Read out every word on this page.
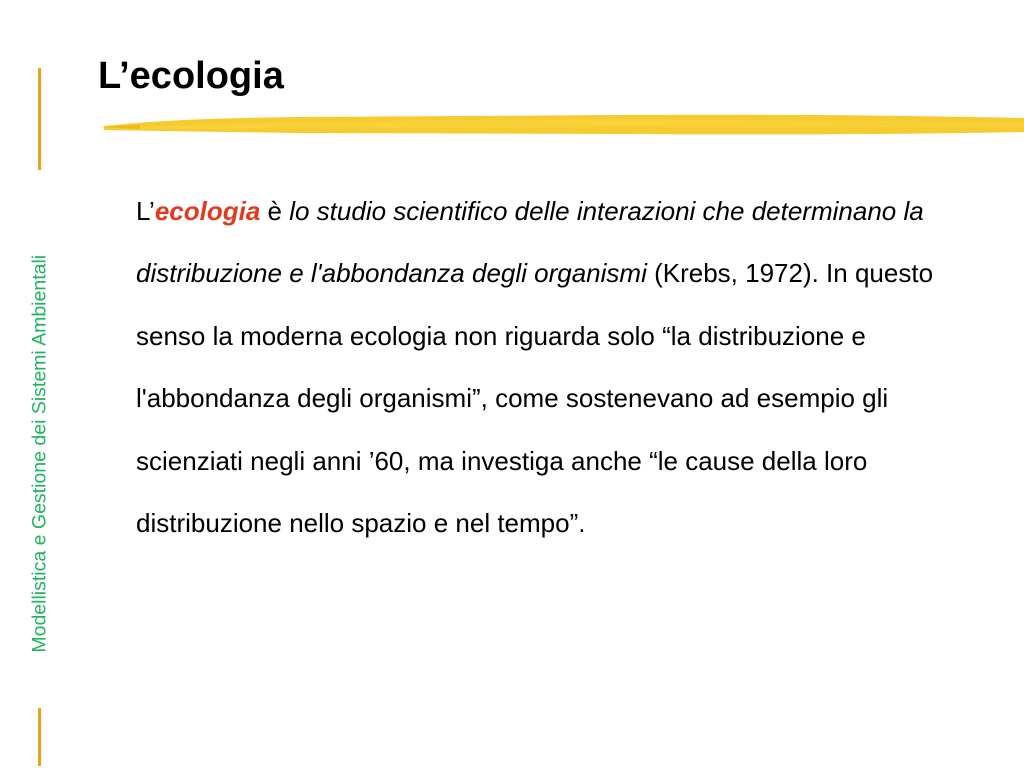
Modellistica e Gestione dei Sistemi Ambientali
L’ecologia

L’ecologia è lo studio scientifico delle interazioni che determinano la distribuzione e l'abbondanza degli organismi (Krebs, 1972). In questo senso la moderna ecologia non riguarda solo “la distribuzione e l'abbondanza degli organismi”, come sostenevano ad esempio gli scienziati negli anni ’60, ma investiga anche “le cause della loro distribuzione nello spazio e nel tempo”.
